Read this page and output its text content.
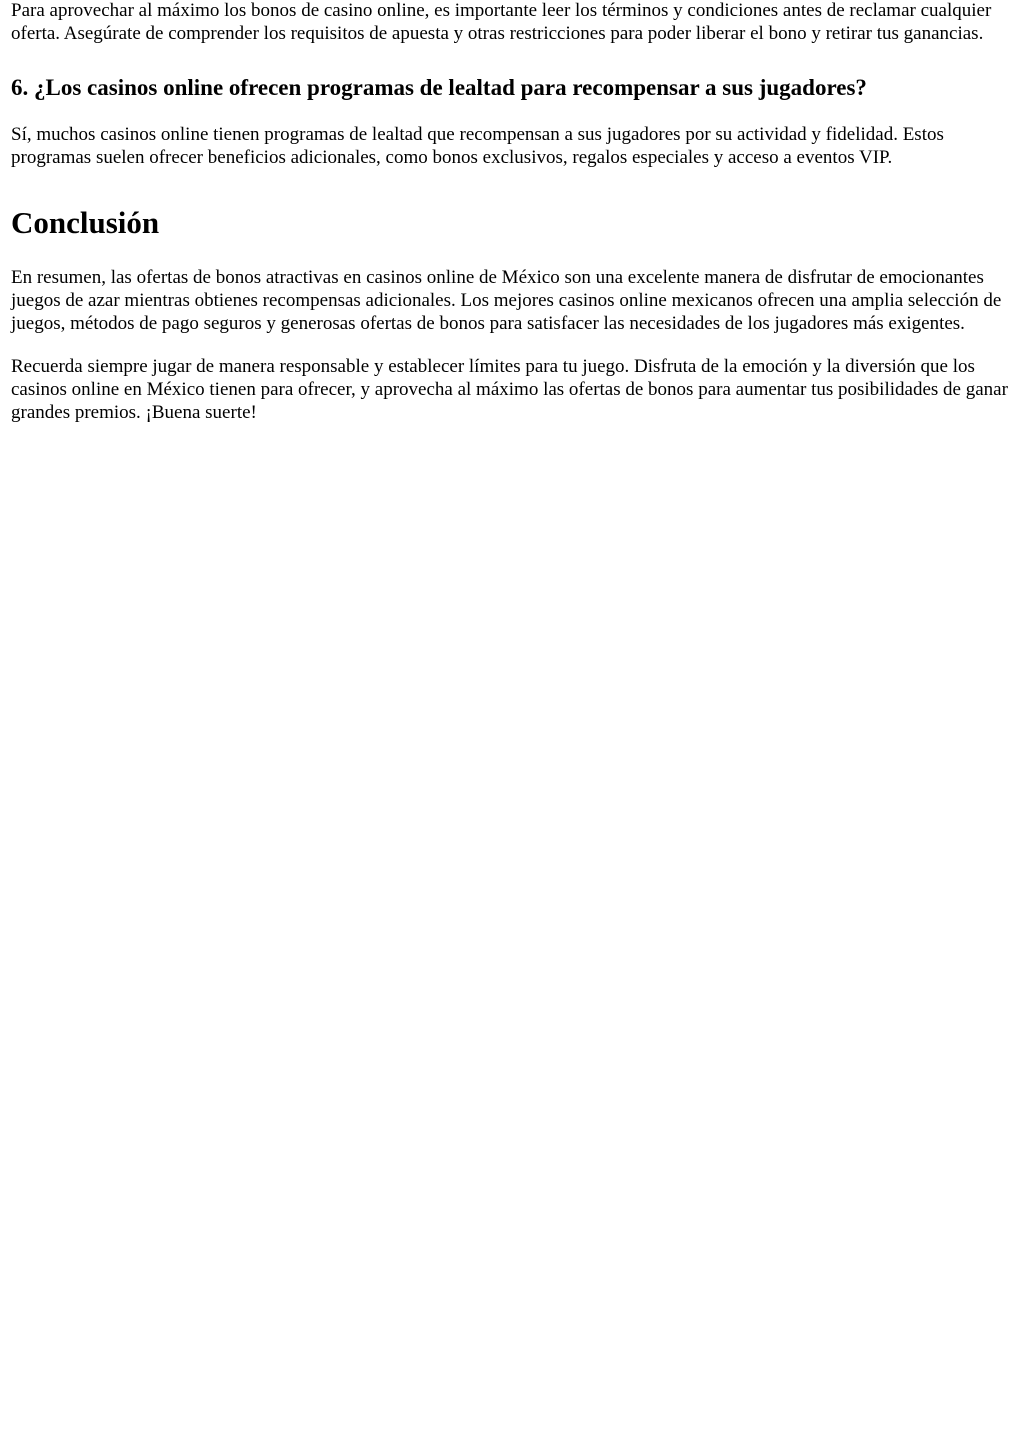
Para aprovechar al máximo los bonos de casino online, es importante leer los términos y condiciones antes de reclamar cualquier oferta. Asegúrate de comprender los requisitos de apuesta y otras restricciones para poder liberar el bono y retirar tus ganancias.

6. ¿Los casinos online ofrecen programas de lealtad para recompensar a sus jugadores?

Sí, muchos casinos online tienen programas de lealtad que recompensan a sus jugadores por su actividad y fidelidad. Estos programas suelen ofrecer beneficios adicionales, como bonos exclusivos, regalos especiales y acceso a eventos VIP.

Conclusión

En resumen, las ofertas de bonos atractivas en casinos online de México son una excelente manera de disfrutar de emocionantes juegos de azar mientras obtienes recompensas adicionales. Los mejores casinos online mexicanos ofrecen una amplia selección de juegos, métodos de pago seguros y generosas ofertas de bonos para satisfacer las necesidades de los jugadores más exigentes.

Recuerda siempre jugar de manera responsable y establecer límites para tu juego. Disfruta de la emoción y la diversión que los casinos online en México tienen para ofrecer, y aprovecha al máximo las ofertas de bonos para aumentar tus posibilidades de ganar grandes premios. ¡Buena suerte!
